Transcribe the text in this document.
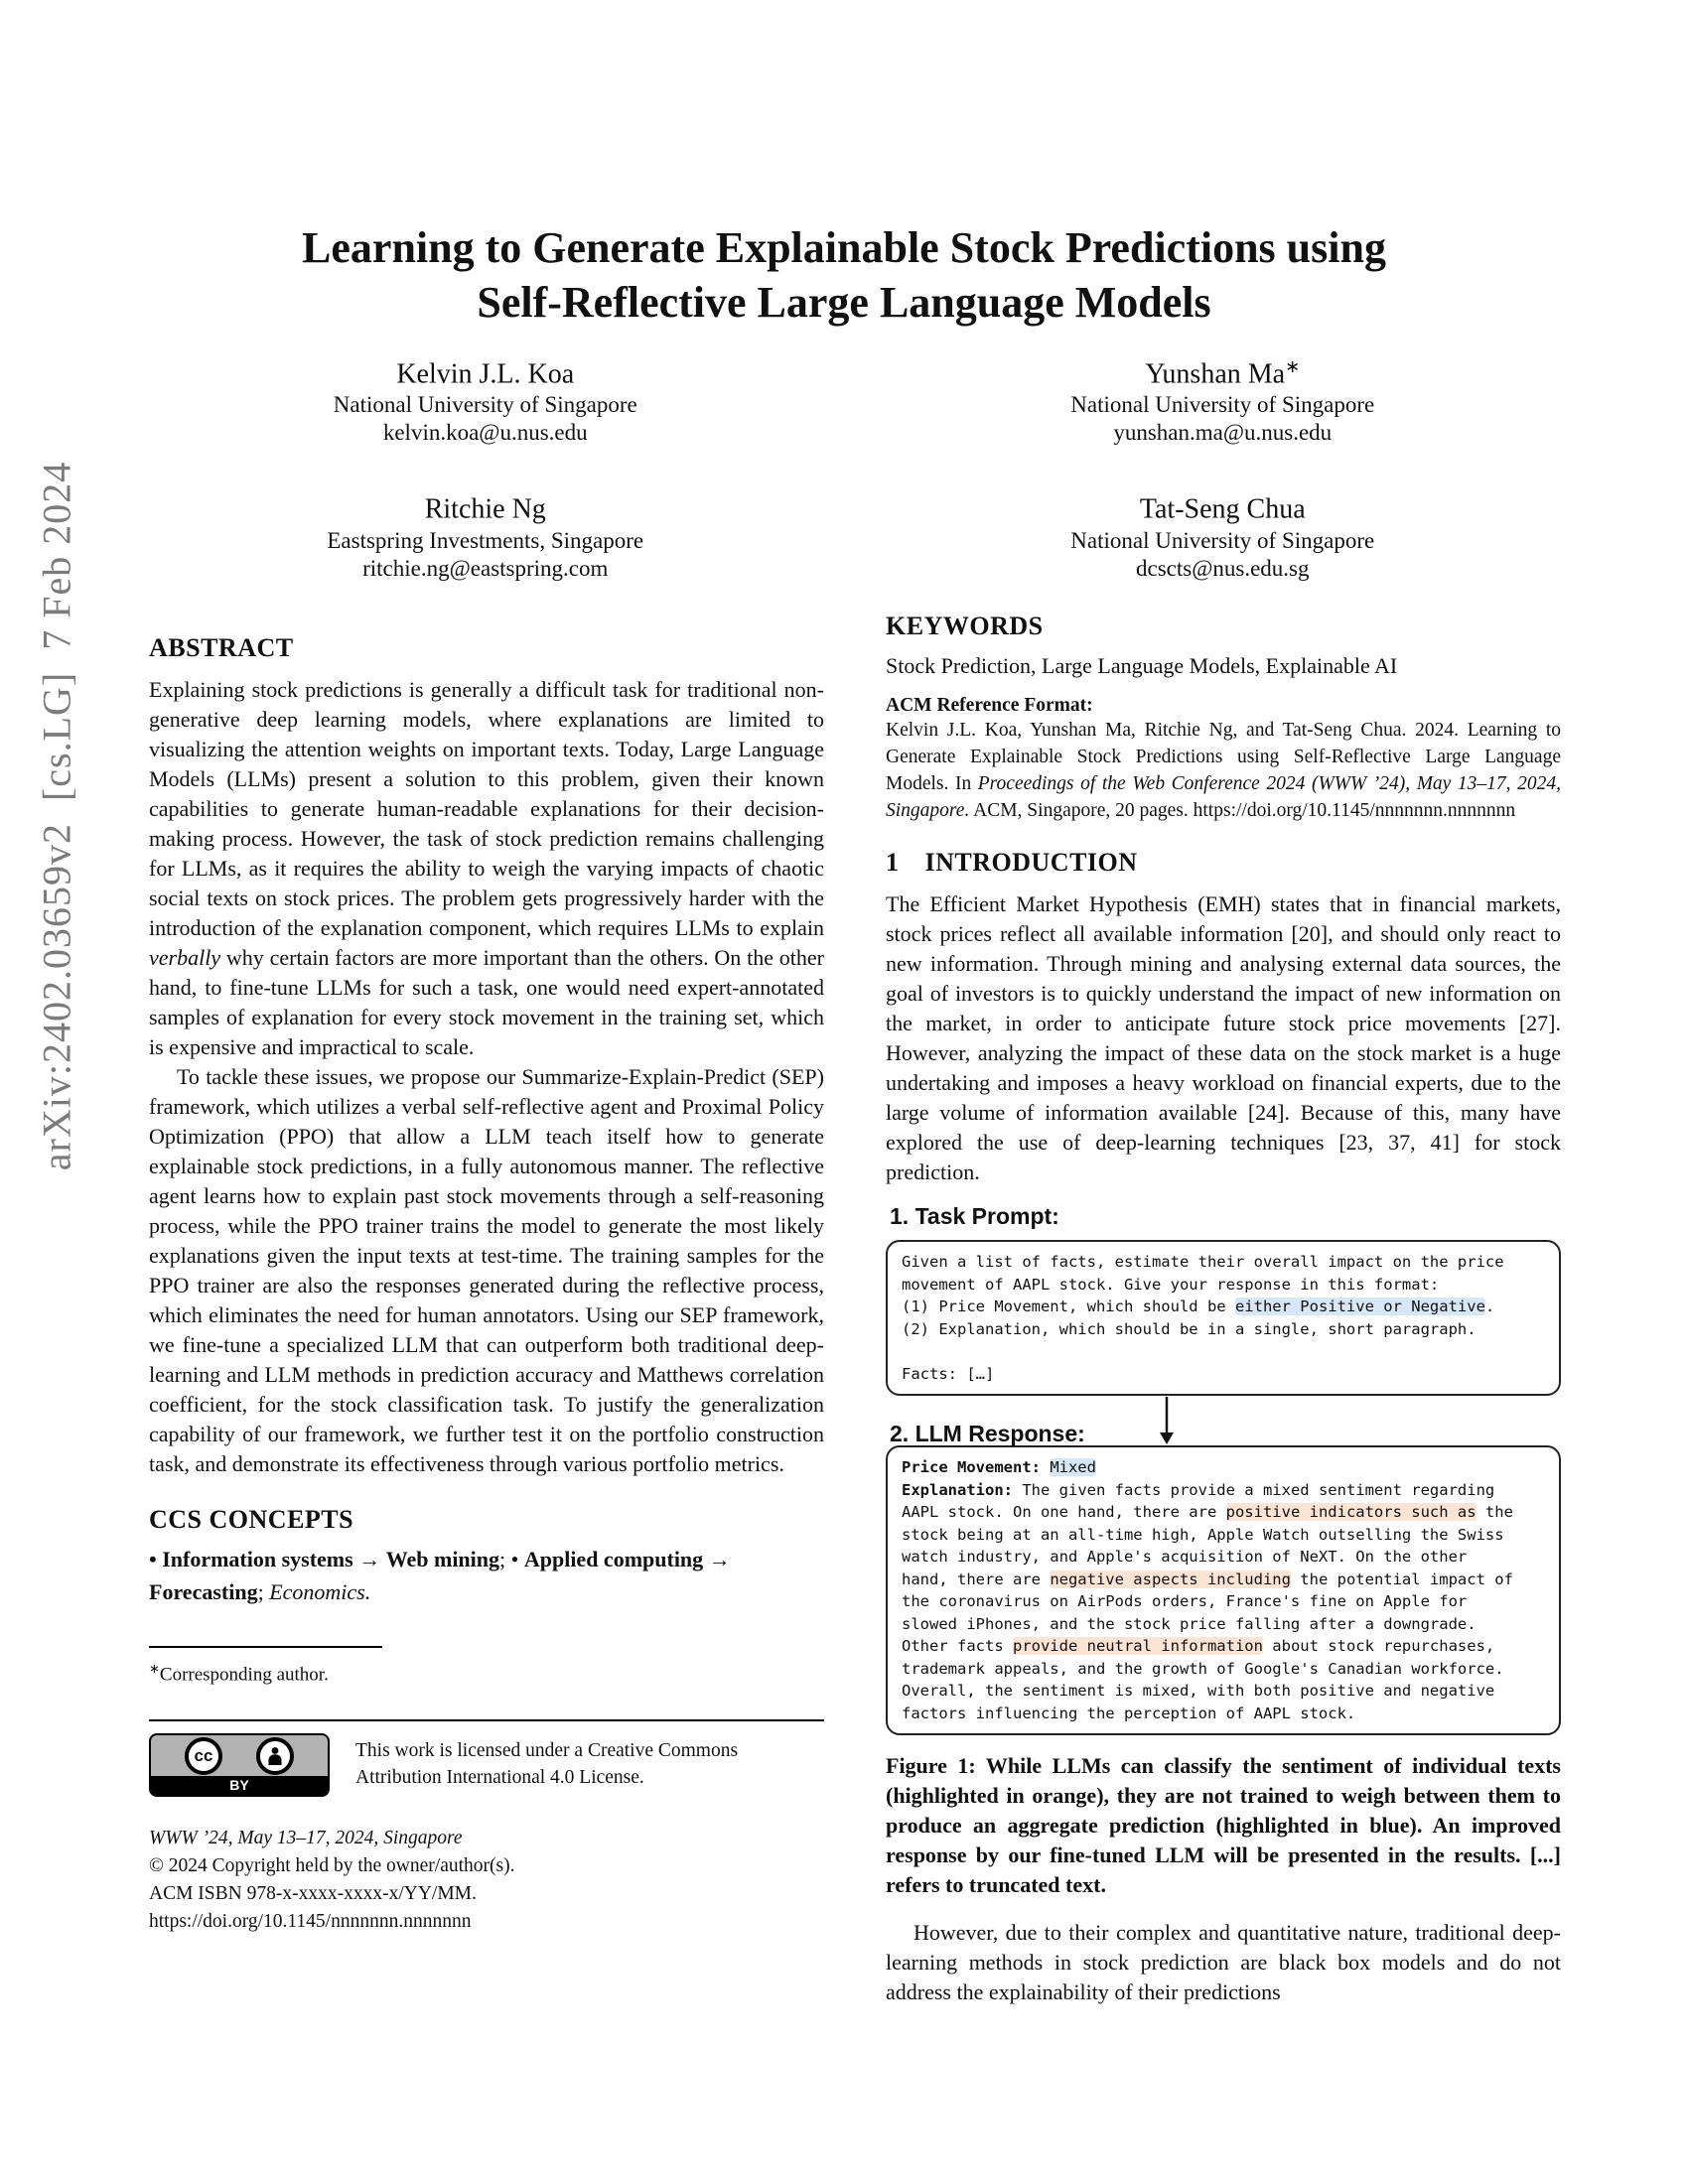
arXiv:2402.03659v2  [cs.LG]  7 Feb 2024
Learning to Generate Explainable Stock Predictions using
Self-Reflective Large Language Models
Kelvin J.L. Koa
National University of Singapore
kelvin.koa@u.nus.edu
Yunshan Ma∗
National University of Singapore
yunshan.ma@u.nus.edu
Ritchie Ng
Eastspring Investments, Singapore
ritchie.ng@eastspring.com
Tat-Seng Chua
National University of Singapore
dcscts@nus.edu.sg
ABSTRACT

Explaining stock predictions is generally a difficult task for traditional non-generative deep learning models, where explanations are limited to visualizing the attention weights on important texts. Today, Large Language Models (LLMs) present a solution to this problem, given their known capabilities to generate human-readable explanations for their decision-making process. However, the task of stock prediction remains challenging for LLMs, as it requires the ability to weigh the varying impacts of chaotic social texts on stock prices. The problem gets progressively harder with the introduction of the explanation component, which requires LLMs to explain verbally why certain factors are more important than the others. On the other hand, to fine-tune LLMs for such a task, one would need expert-annotated samples of explanation for every stock movement in the training set, which is expensive and impractical to scale.

To tackle these issues, we propose our Summarize-Explain-Predict (SEP) framework, which utilizes a verbal self-reflective agent and Proximal Policy Optimization (PPO) that allow a LLM teach itself how to generate explainable stock predictions, in a fully autonomous manner. The reflective agent learns how to explain past stock movements through a self-reasoning process, while the PPO trainer trains the model to generate the most likely explanations given the input texts at test-time. The training samples for the PPO trainer are also the responses generated during the reflective process, which eliminates the need for human annotators. Using our SEP framework, we fine-tune a specialized LLM that can outperform both traditional deep-learning and LLM methods in prediction accuracy and Matthews correlation coefficient, for the stock classification task. To justify the generalization capability of our framework, we further test it on the portfolio construction task, and demonstrate its effectiveness through various portfolio metrics.

CCS CONCEPTS

• Information systems → Web mining; • Applied computing → Forecasting; Economics.

∗Corresponding author.

cc
BY

This work is licensed under a Creative Commons Attribution International 4.0 License.

WWW ’24, May 13–17, 2024, Singapore
© 2024 Copyright held by the owner/author(s).
ACM ISBN 978-x-xxxx-xxxx-x/YY/MM.
https://doi.org/10.1145/nnnnnnn.nnnnnnn
KEYWORDS

Stock Prediction, Large Language Models, Explainable AI

ACM Reference Format:

Kelvin J.L. Koa, Yunshan Ma, Ritchie Ng, and Tat-Seng Chua. 2024. Learning to Generate Explainable Stock Predictions using Self-Reflective Large Language Models. In Proceedings of the Web Conference 2024 (WWW ’24), May 13–17, 2024, Singapore. ACM, Singapore, 20 pages. https://doi.org/10.1145/nnnnnnn.nnnnnnn

1 INTRODUCTION

The Efficient Market Hypothesis (EMH) states that in financial markets, stock prices reflect all available information [20], and should only react to new information. Through mining and analysing external data sources, the goal of investors is to quickly understand the impact of new information on the market, in order to anticipate future stock price movements [27]. However, analyzing the impact of these data on the stock market is a huge undertaking and imposes a heavy workload on financial experts, due to the large volume of information available [24]. Because of this, many have explored the use of deep-learning techniques [23, 37, 41] for stock prediction.

1. Task Prompt:
Given a list of facts, estimate their overall impact on the price
movement of AAPL stock. Give your response in this format:
(1) Price Movement, which should be either Positive or Negative.
(2) Explanation, which should be in a single, short paragraph.

Facts: […]
2. LLM Response:
Price Movement: Mixed
Explanation: The given facts provide a mixed sentiment regarding
AAPL stock. On one hand, there are positive indicators such as the
stock being at an all-time high, Apple Watch outselling the Swiss
watch industry, and Apple's acquisition of NeXT. On the other
hand, there are negative aspects including the potential impact of
the coronavirus on AirPods orders, France's fine on Apple for
slowed iPhones, and the stock price falling after a downgrade.
Other facts provide neutral information about stock repurchases,
trademark appeals, and the growth of Google's Canadian workforce.
Overall, the sentiment is mixed, with both positive and negative
factors influencing the perception of AAPL stock.

Figure 1: While LLMs can classify the sentiment of individual texts (highlighted in orange), they are not trained to weigh between them to produce an aggregate prediction (highlighted in blue). An improved response by our fine-tuned LLM will be presented in the results. [...] refers to truncated text.

However, due to their complex and quantitative nature, traditional deep-learning methods in stock prediction are black box models and do not address the explainability of their predictions
